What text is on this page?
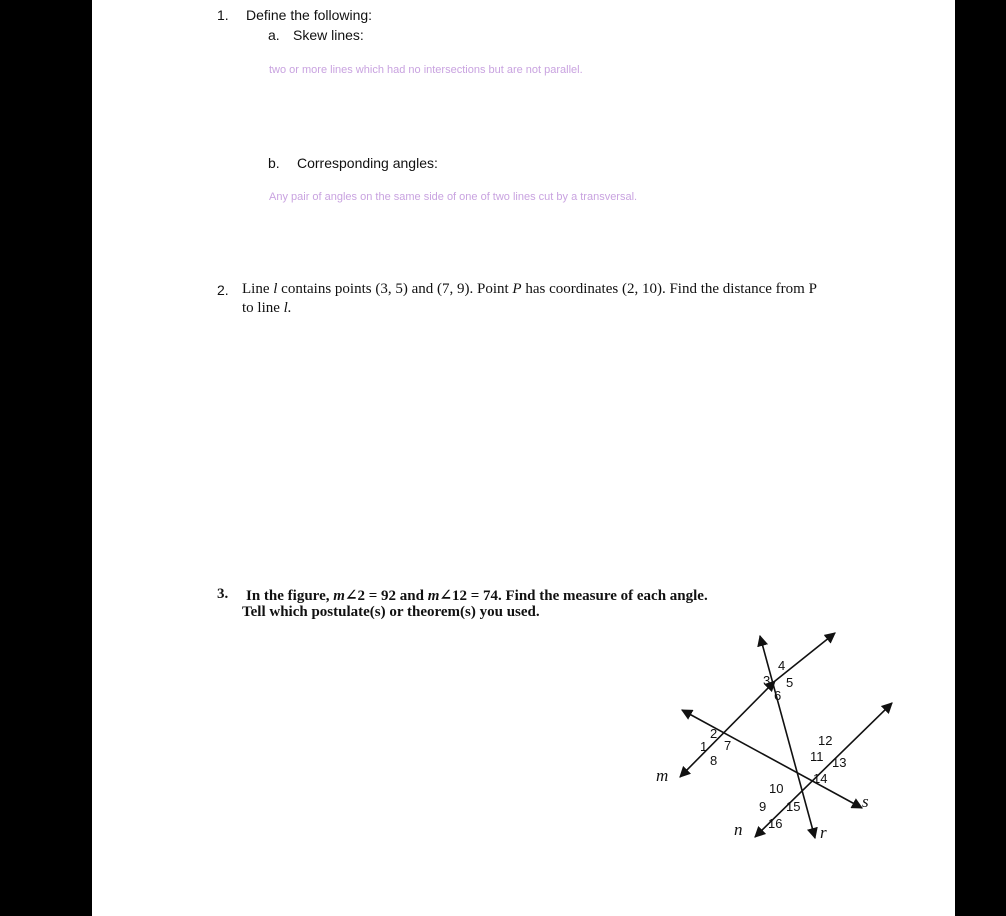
1. Define the following:
a. Skew lines:
two or more lines which had no intersections but are not parallel.
b. Corresponding angles:
Any pair of angles on the same side of one of two lines cut by a transversal.
2. Line l contains points (3, 5) and (7, 9). Point P has coordinates (2, 10). Find the distance from P
to line l.
3. In the figure, m∠2 = 92 and m∠12 = 74. Find the measure of each angle.
Tell which postulate(s) or theorem(s) you used.
1
2
3
4
5
6
7
8
9
10
11
12
13
14
15
16
m
n	r
s
